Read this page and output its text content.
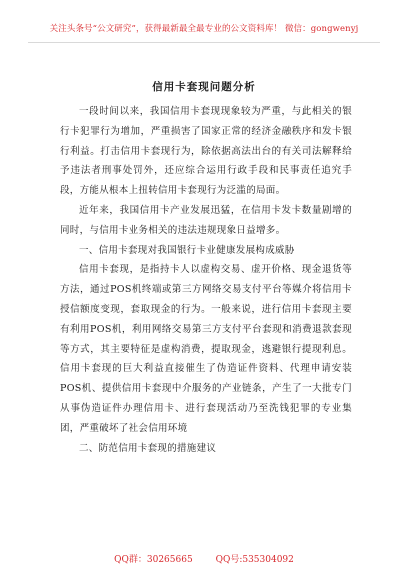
关注头条号“公文研究”，获得最新最全最专业的公文资料库！ 微信：gongwenyj
信用卡套现问题分析

一段时间以来，我国信用卡套现现象较为严重，与此相关的银行卡犯罪行为增加，严重损害了国家正常的经济金融秩序和发卡银行利益。打击信用卡套现行为，除依据高法出台的有关司法解释给予违法者刑事处罚外，还应综合运用行政手段和民事责任追究手段，方能从根本上扭转信用卡套现行为泛滥的局面。

近年来，我国信用卡产业发展迅猛，在信用卡发卡数量剧增的同时，与信用卡业务相关的违法违规现象日益增多。

一、信用卡套现对我国银行卡业健康发展构成威胁

信用卡套现，是指持卡人以虚构交易、虚开价格、现金退货等方法，通过POS机终端或第三方网络交易支付平台等媒介将信用卡授信额度变现，套取现金的行为。一般来说，进行信用卡套现主要有利用POS机，利用网络交易第三方支付平台套现和消费退款套现等方式，其主要特征是虚构消费，提取现金，逃避银行提现利息。信用卡套现的巨大利益直接催生了伪造证件资料、代理申请安装POS机、提供信用卡套现中介服务的产业链条，产生了一大批专门从事伪造证件办理信用卡、进行套现活动乃至洗钱犯罪的专业集团，严重破坏了社会信用环境

二、防范信用卡套现的措施建议

QQ群：30265665	QQ号:535304092
